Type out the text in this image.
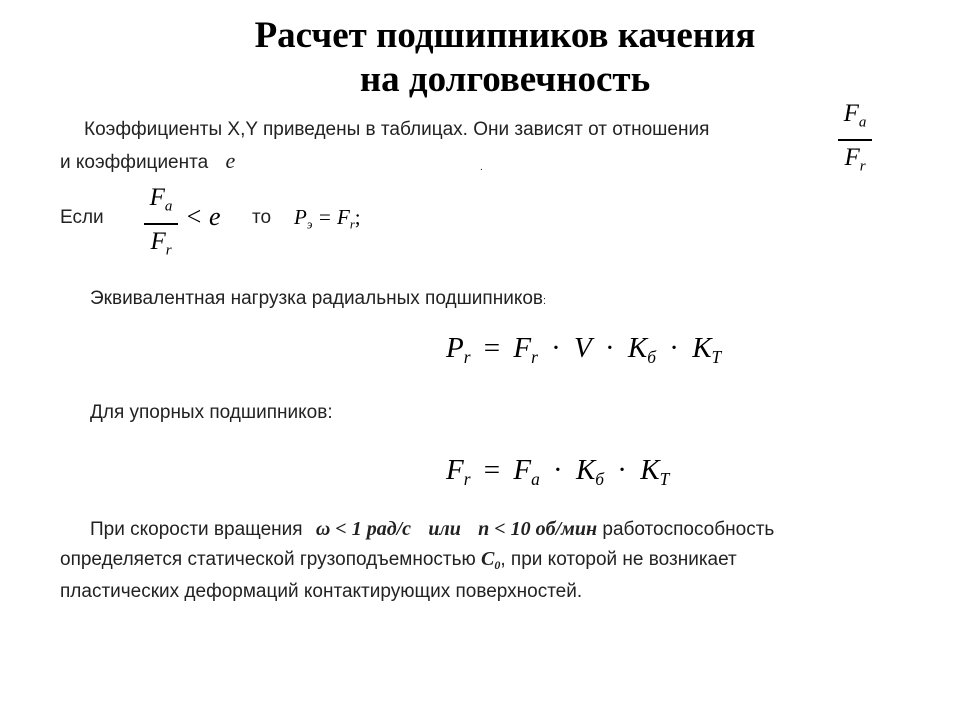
Расчет подшипников качения
на долговечность
Коэффициенты X,Y приведены в таблицах. Они зависят от отношения
и коэффициента e	$\frac{F_a}{F_r}$
.
Если $\frac{F_a}{F_r} < e$ то $P_э = F_r$;
Эквивалентная нагрузка радиальных подшипников:
$P_r = F_r \cdot V \cdot K_б \cdot K_T$
Для упорных подшипников:
$F_r = F_a \cdot K_б \cdot K_T$
При скорости вращения ω < 1 рад/с или n < 10 об/мин работоспособность
определяется статической грузоподъемностью $C_0$, при которой не возникает
пластических деформаций контактирующих поверхностей.
